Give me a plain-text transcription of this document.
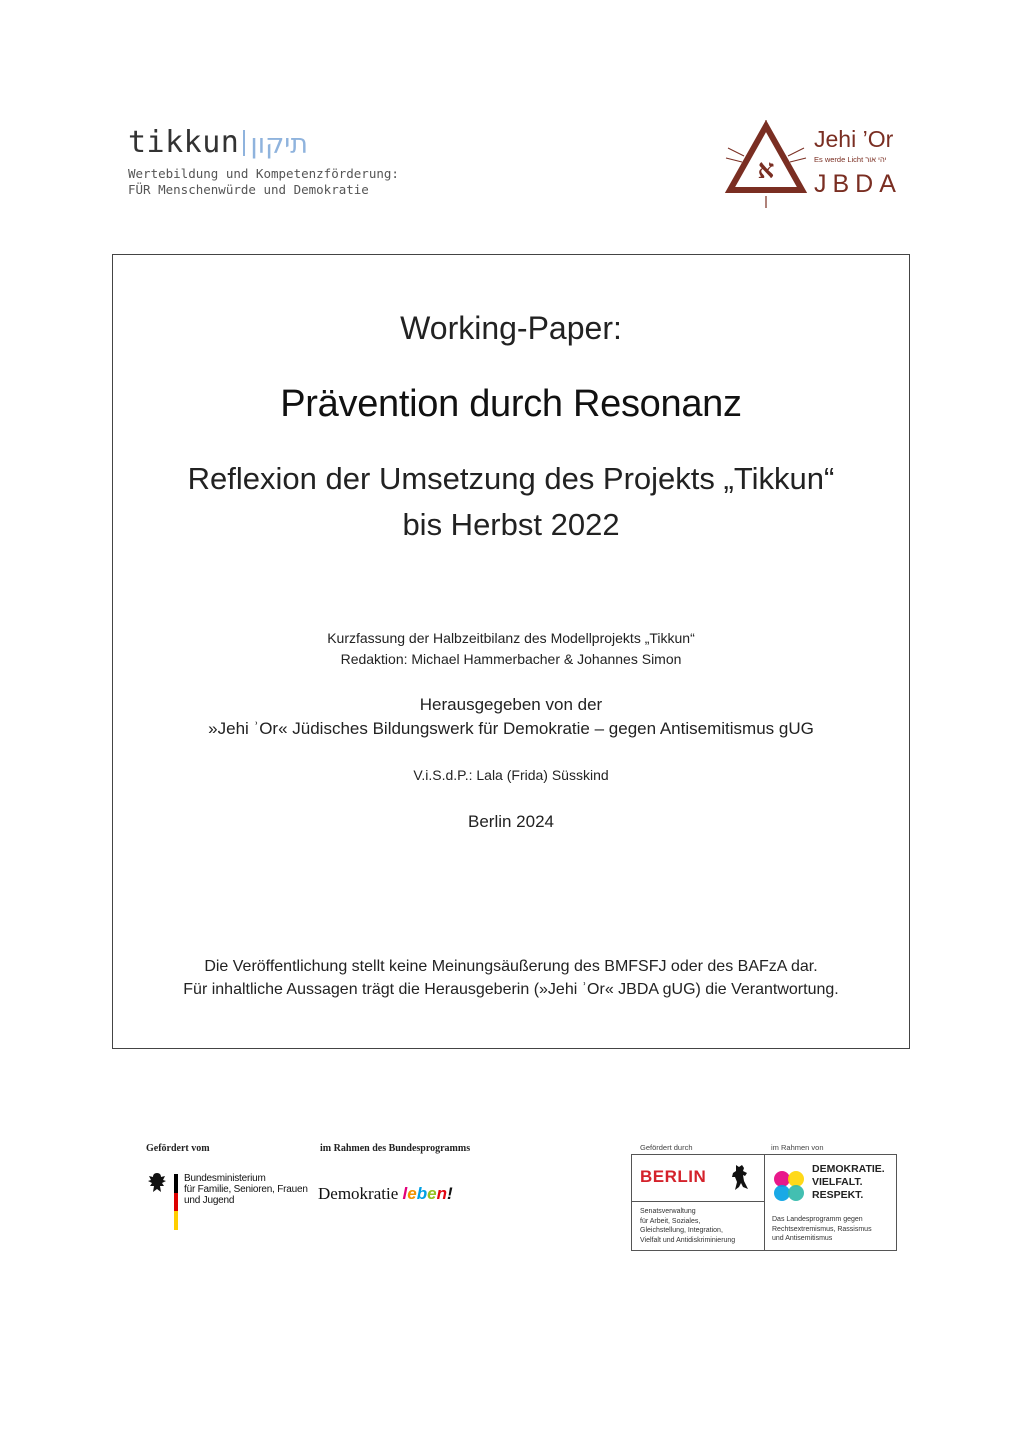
tikkun תיקון
Wertebildung und Kompetenzförderung:
FÜR Menschenwürde und Demokratie
א
Jehi ’Or
Es werde Licht יהי אור
JBDA
Working-Paper:
Prävention durch Resonanz
Reflexion der Umsetzung des Projekts „Tikkun“
bis Herbst 2022
Kurzfassung der Halbzeitbilanz des Modellprojekts „Tikkun“
Redaktion: Michael Hammerbacher & Johannes Simon
Herausgegeben von der
»Jehi ʾOr« Jüdisches Bildungswerk für Demokratie – gegen Antisemitismus gUG
V.i.S.d.P.: Lala (Frida) Süsskind
Berlin 2024
Die Veröffentlichung stellt keine Meinungsäußerung des BMFSFJ oder des BAFzA dar.
Für inhaltliche Aussagen trägt die Herausgeberin (»Jehi ʾOr« JBDA gUG) die Verantwortung.
Gefördert vom	im Rahmen des Bundesprogramms
Bundesministerium
für Familie, Senioren, Frauen
und Jugend	Demokratie leben!
Gefördert durch	im Rahmen von
BERLIN
Senatsverwaltung
für Arbeit, Soziales,
Gleichstellung, Integration,
Vielfalt und Antidiskriminierung
DEMOKRATIE.
VIELFALT.
RESPEKT.
Das Landesprogramm gegen
Rechtsextremismus, Rassismus
und Antisemitismus
